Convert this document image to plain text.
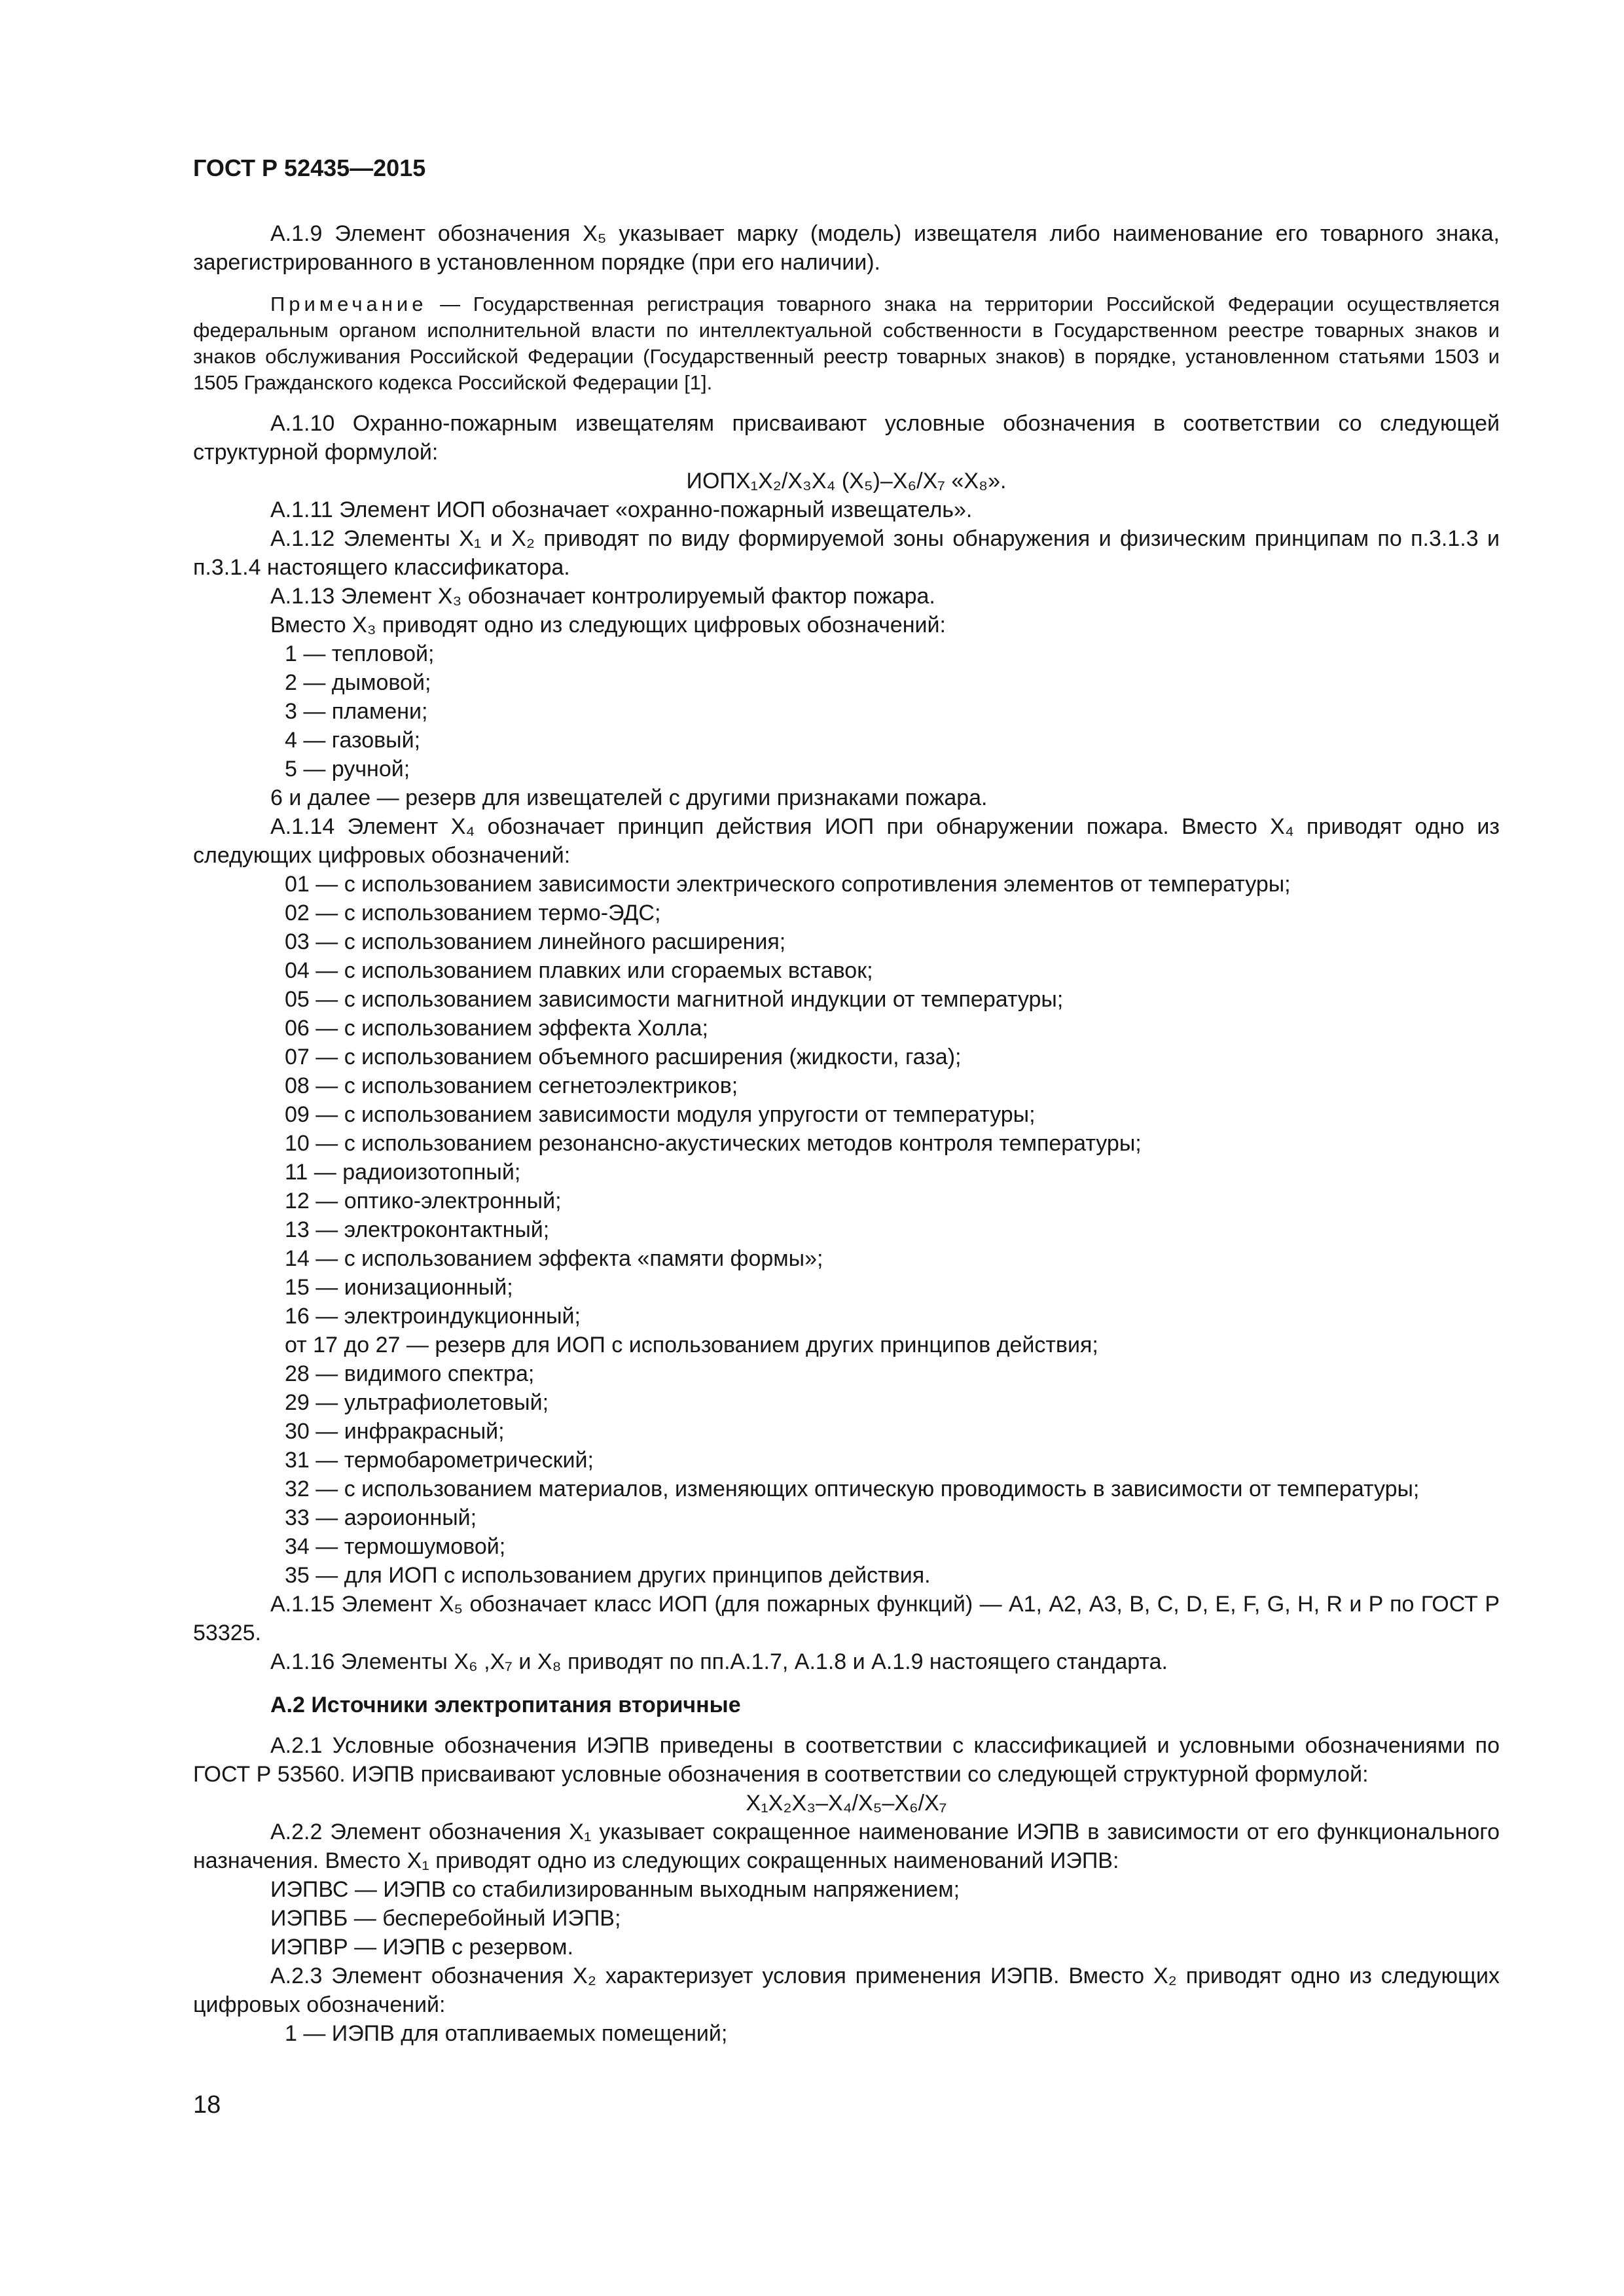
ГОСТ Р 52435—2015

А.1.9 Элемент обозначения Х₅ указывает марку (модель) извещателя либо наименование его товарного знака, зарегистрированного в установленном порядке (при его наличии).

Примечание — Государственная регистрация товарного знака на территории Российской Федерации осуществляется федеральным органом исполнительной власти по интеллектуальной собственности в Государственном реестре товарных знаков и знаков обслуживания Российской Федерации (Государственный реестр товарных знаков) в порядке, установленном статьями 1503 и 1505 Гражданского кодекса Российской Федерации [1].

А.1.10 Охранно-пожарным извещателям присваивают условные обозначения в соответствии со следующей структурной формулой:

ИОПХ₁Х₂/Х₃Х₄ (Х₅)–Х₆/Х₇ «Х₈».

А.1.11 Элемент ИОП обозначает «охранно-пожарный извещатель».

А.1.12 Элементы Х₁ и Х₂ приводят по виду формируемой зоны обнаружения и физическим принципам по п.3.1.3 и п.3.1.4 настоящего классификатора.

А.1.13 Элемент Х₃ обозначает контролируемый фактор пожара.

Вместо Х₃ приводят одно из следующих цифровых обозначений:

1 — тепловой;
2 — дымовой;
3 — пламени;
4 — газовый;
5 — ручной;

6 и далее — резерв для извещателей с другими признаками пожара.

А.1.14 Элемент Х₄ обозначает принцип действия ИОП при обнаружении пожара. Вместо Х₄ приводят одно из следующих цифровых обозначений:

01 — с использованием зависимости электрического сопротивления элементов от температуры;
02 — с использованием термо-ЭДС;
03 — с использованием линейного расширения;
04 — с использованием плавких или сгораемых вставок;
05 — с использованием зависимости магнитной индукции от температуры;
06 — с использованием эффекта Холла;
07 — с использованием объемного расширения (жидкости, газа);
08 — с использованием сегнетоэлектриков;
09 — с использованием зависимости модуля упругости от температуры;
10 — с использованием резонансно-акустических методов контроля температуры;
11 — радиоизотопный;
12 — оптико-электронный;
13 — электроконтактный;
14 — с использованием эффекта «памяти формы»;
15 — ионизационный;
16 — электроиндукционный;
от 17 до 27 — резерв для ИОП с использованием других принципов действия;
28 — видимого спектра;
29 — ультрафиолетовый;
30 — инфракрасный;
31 — термобарометрический;
32 — с использованием материалов, изменяющих оптическую проводимость в зависимости от температуры;
33 — аэроионный;
34 — термошумовой;
35 — для ИОП с использованием других принципов действия.

А.1.15 Элемент Х₅ обозначает класс ИОП (для пожарных функций) — А1, А2, А3, В, С, D, E, F, G, H, R и P по ГОСТ Р 53325.

А.1.16 Элементы Х₆ ,Х₇ и Х₈ приводят по пп.А.1.7, А.1.8 и А.1.9 настоящего стандарта.

А.2 Источники электропитания вторичные

А.2.1 Условные обозначения ИЭПВ приведены в соответствии с классификацией и условными обозначениями по ГОСТ Р 53560. ИЭПВ присваивают условные обозначения в соответствии со следующей структурной формулой:

Х₁Х₂Х₃–Х₄/Х₅–Х₆/Х₇

А.2.2 Элемент обозначения Х₁ указывает сокращенное наименование ИЭПВ в зависимости от его функционального назначения. Вместо Х₁ приводят одно из следующих сокращенных наименований ИЭПВ:

ИЭПВС — ИЭПВ со стабилизированным выходным напряжением;
ИЭПВБ — бесперебойный ИЭПВ;
ИЭПВР — ИЭПВ с резервом.

А.2.3 Элемент обозначения Х₂ характеризует условия применения ИЭПВ. Вместо Х₂ приводят одно из следующих цифровых обозначений:

1 — ИЭПВ для отапливаемых помещений;
18
